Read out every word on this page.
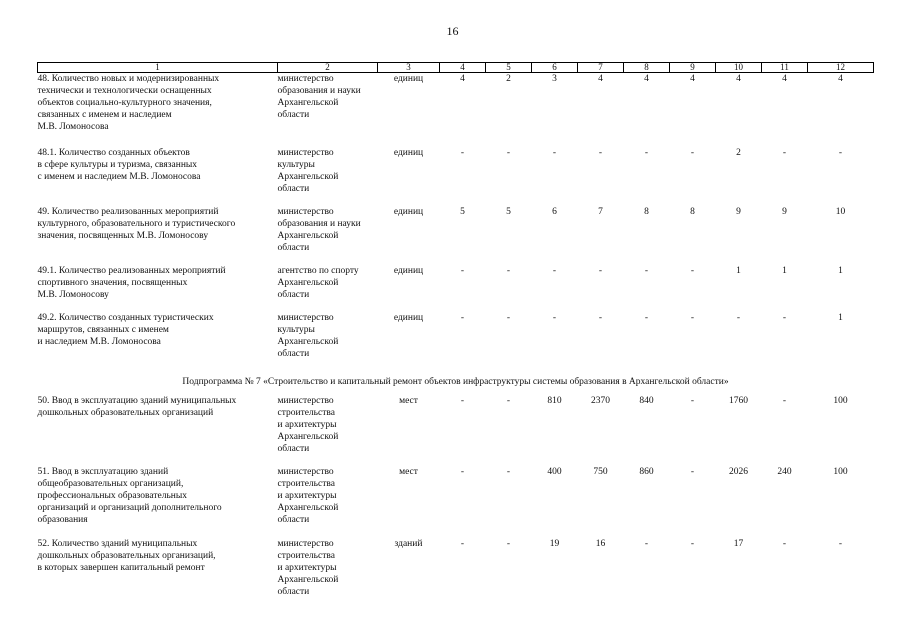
16
1	2	3	4	5	6	7	8	9	10	11	12

48. Количество новых и модернизированных
технически и технологически оснащенных
объектов социально-культурного значения,
связанных с именем и наследием
М.В. Ломоносова	министерство
образования и науки
Архангельской
области	единиц	4	2	3	4	4	4	4	4	4

48.1. Количество созданных объектов
в сфере культуры и туризма, связанных
с именем и наследием М.В. Ломоносова	министерство
культуры
Архангельской
области	единиц	-	-	-	-	-	-	2	-	-

49. Количество реализованных мероприятий
культурного, образовательного и туристического
значения, посвященных М.В. Ломоносову	министерство
образования и науки
Архангельской
области	единиц	5	5	6	7	8	8	9	9	10

49.1. Количество реализованных мероприятий
спортивного значения, посвященных
М.В. Ломоносову	агентство по спорту
Архангельской
области	единиц	-	-	-	-	-	-	1	1	1

49.2. Количество созданных туристических
маршрутов, связанных с именем
и наследием М.В. Ломоносова	министерство
культуры
Архангельской
области	единиц	-	-	-	-	-	-	-	-	1
Подпрограмма № 7 «Строительство и капитальный ремонт объектов инфраструктуры системы образования в Архангельской области»											

50. Ввод в эксплуатацию зданий муниципальных
дошкольных образовательных организаций	министерство
строительства
и архитектуры
Архангельской
области	мест	-	-	810	2370	840	-	1760	-	100

51. Ввод в эксплуатацию зданий
общеобразовательных организаций,
профессиональных образовательных
организаций и организаций дополнительного
образования	министерство
строительства
и архитектуры
Архангельской
области	мест	-	-	400	750	860	-	2026	240	100

52. Количество зданий муниципальных
дошкольных образовательных организаций,
в которых завершен капитальный ремонт	министерство
строительства
и архитектуры
Архангельской
области	зданий	-	-	19	16	-	-	17	-	-
